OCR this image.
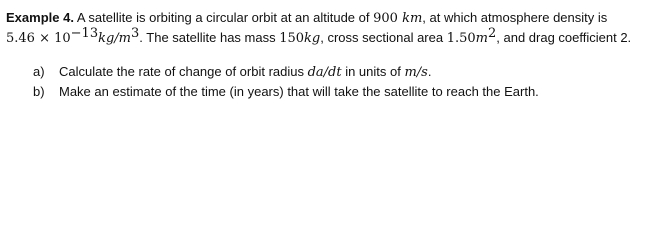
Example 4. A satellite is orbiting a circular orbit at an altitude of 900 km, at which atmosphere density is
$5.46 \times 10^{-13}kg/m^3$. The satellite has mass 150kg, cross sectional area $1.50m^2$, and drag coefficient 2.
a)	Calculate the rate of change of orbit radius da/dt in units of m/s.
b)	Make an estimate of the time (in years) that will take the satellite to reach the Earth.
